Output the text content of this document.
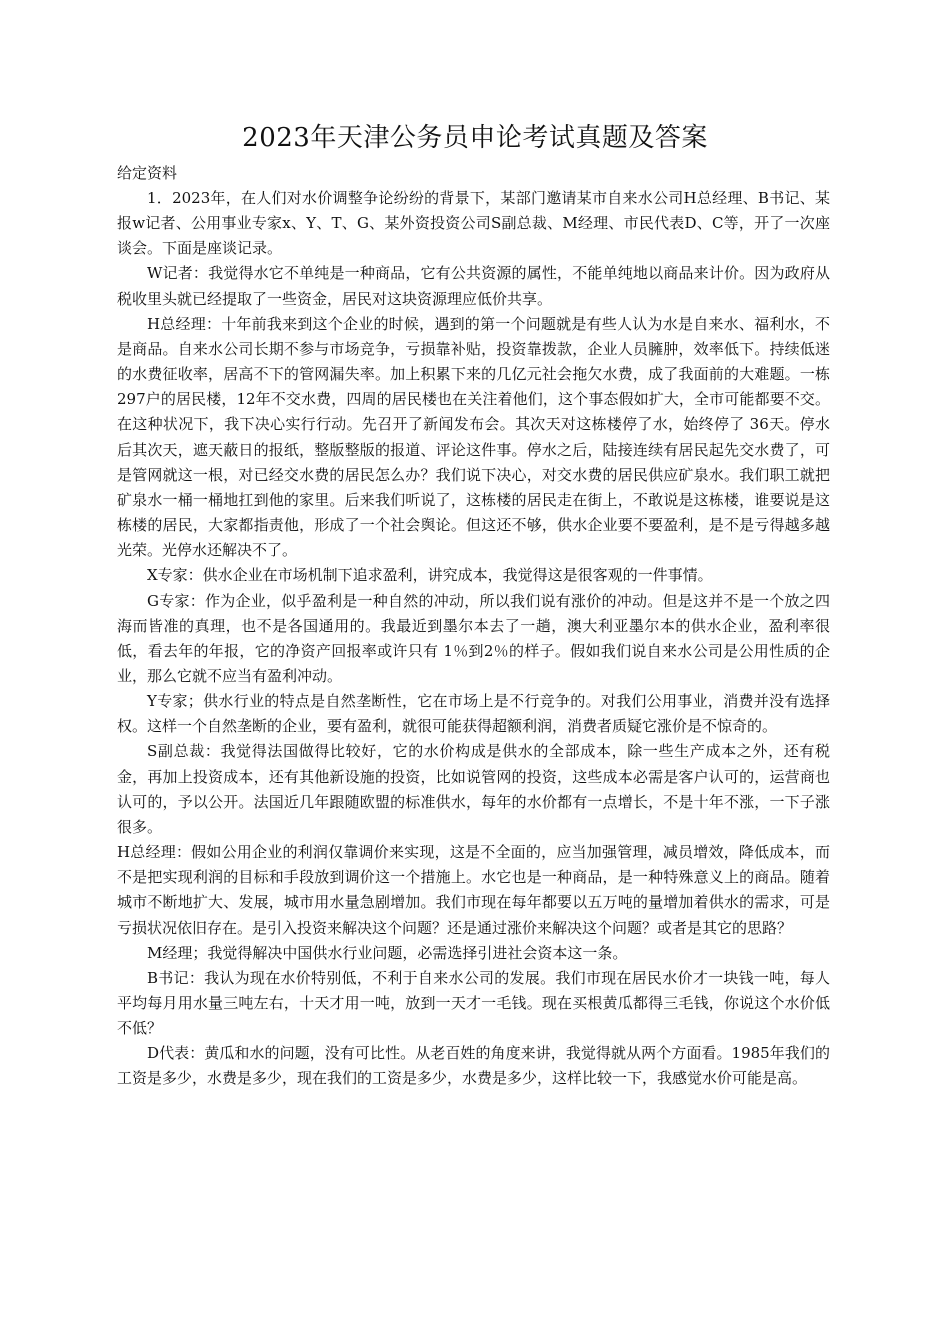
2023年天津公务员申论考试真题及答案
给定资料

1．2023年，在人们对水价调整争论纷纷的背景下，某部门邀请某市自来水公司H总经理、B书记、某报w记者、公用事业专家x、Y、T、G、某外资投资公司S副总裁、M经理、市民代表D、C等，开了一次座谈会。下面是座谈记录。

W记者：我觉得水它不单纯是一种商品，它有公共资源的属性，不能单纯地以商品来计价。因为政府从税收里头就已经提取了一些资金，居民对这块资源理应低价共享。

H总经理：十年前我来到这个企业的时候，遇到的第一个问题就是有些人认为水是自来水、福利水，不是商品。自来水公司长期不参与市场竞争，亏损靠补贴，投资靠拨款，企业人员臃肿，效率低下。持续低迷的水费征收率，居高不下的管网漏失率。加上积累下来的几亿元社会拖欠水费，成了我面前的大难题。一栋297户的居民楼，12年不交水费，四周的居民楼也在关注着他们，这个事态假如扩大，全市可能都要不交。在这种状况下，我下决心实行行动。先召开了新闻发布会。其次天对这栋楼停了水，始终停了 36天。停水后其次天，遮天蔽日的报纸，整版整版的报道、评论这件事。停水之后，陆接连续有居民起先交水费了，可是管网就这一根，对已经交水费的居民怎么办？我们说下决心，对交水费的居民供应矿泉水。我们职工就把矿泉水一桶一桶地扛到他的家里。后来我们听说了，这栋楼的居民走在街上，不敢说是这栋楼，谁要说是这栋楼的居民，大家都指责他，形成了一个社会舆论。但这还不够，供水企业要不要盈利，是不是亏得越多越光荣。光停水还解决不了。

X专家：供水企业在市场机制下追求盈利，讲究成本，我觉得这是很客观的一件事情。

G专家：作为企业，似乎盈利是一种自然的冲动，所以我们说有涨价的冲动。但是这并不是一个放之四海而皆准的真理，也不是各国通用的。我最近到墨尔本去了一趟，澳大利亚墨尔本的供水企业，盈利率很低，看去年的年报，它的净资产回报率或许只有 1％到2％的样子。假如我们说自来水公司是公用性质的企业，那么它就不应当有盈利冲动。

Y专家；供水行业的特点是自然垄断性，它在市场上是不行竞争的。对我们公用事业，消费并没有选择权。这样一个自然垄断的企业，要有盈利，就很可能获得超额利润，消费者质疑它涨价是不惊奇的。

S副总裁：我觉得法国做得比较好，它的水价构成是供水的全部成本，除一些生产成本之外，还有税金，再加上投资成本，还有其他新设施的投资，比如说管网的投资，这些成本必需是客户认可的，运营商也认可的，予以公开。法国近几年跟随欧盟的标准供水，每年的水价都有一点增长，不是十年不涨，一下子涨很多。

H总经理：假如公用企业的利润仅靠调价来实现，这是不全面的，应当加强管理，减员增效，降低成本，而不是把实现利润的目标和手段放到调价这一个措施上。水它也是一种商品，是一种特殊意义上的商品。随着城市不断地扩大、发展，城市用水量急剧增加。我们市现在每年都要以五万吨的量增加着供水的需求，可是亏损状况依旧存在。是引入投资来解决这个问题？还是通过涨价来解决这个问题？或者是其它的思路？

M经理；我觉得解决中国供水行业问题，必需选择引进社会资本这一条。

B书记：我认为现在水价特别低，不利于自来水公司的发展。我们市现在居民水价才一块钱一吨，每人平均每月用水量三吨左右，十天才用一吨，放到一天才一毛钱。现在买根黄瓜都得三毛钱，你说这个水价低不低？

D代表：黄瓜和水的问题，没有可比性。从老百姓的角度来讲，我觉得就从两个方面看。1985年我们的工资是多少，水费是多少，现在我们的工资是多少，水费是多少，这样比较一下，我感觉水价可能是高。
